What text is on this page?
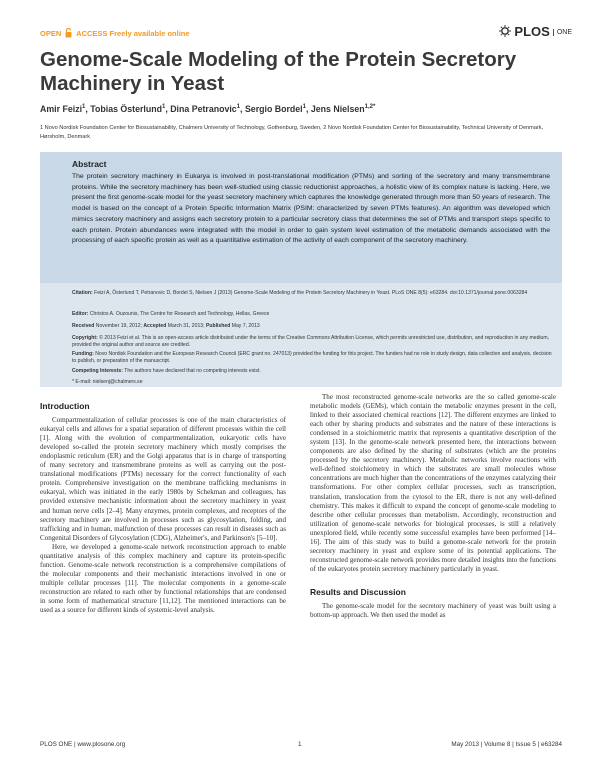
OPEN ACCESS Freely available online	PLOS ONE
Genome-Scale Modeling of the Protein Secretory Machinery in Yeast
Amir Feizi$^1$, Tobias Österlund$^1$, Dina Petranovic$^1$, Sergio Bordel$^1$, Jens Nielsen$^{1,2*}$
1 Novo Nordisk Foundation Center for Biosustainability, Chalmers University of Technology, Gothenburg, Sweden, 2 Novo Nordisk Foundation Center for Biosustainability, Technical University of Denmark, Hørsholm, Denmark
Abstract
The protein secretory machinery in Eukarya is involved in post-translational modification (PTMs) and sorting of the secretory and many transmembrane proteins. While the secretory machinery has been well-studied using classic reductionist approaches, a holistic view of its complex nature is lacking. Here, we present the first genome-scale model for the yeast secretory machinery which captures the knowledge generated through more than 50 years of research. The model is based on the concept of a Protein Specific Information Matrix (PSIM: characterized by seven PTMs features). An algorithm was developed which mimics secretory machinery and assigns each secretory protein to a particular secretory class that determines the set of PTMs and transport steps specific to each protein. Protein abundances were integrated with the model in order to gain system level estimation of the metabolic demands associated with the processing of each specific protein as well as a quantitative estimation of the activity of each component of the secretory machinery.
Citation: Feizi A, Österlund T, Petranovic D, Bordel S, Nielsen J (2013) Genome-Scale Modeling of the Protein Secretory Machinery in Yeast. PLoS ONE 8(5): e63284. doi:10.1371/journal.pone.0063284
Editor: Christos A. Ouzounis, The Centre for Research and Technology, Hellas, Greece
Received November 19, 2012; Accepted March 31, 2013; Published May 7, 2013
Copyright: © 2013 Feizi et al. This is an open-access article distributed under the terms of the Creative Commons Attribution License, which permits unrestricted use, distribution, and reproduction in any medium, provided the original author and source are credited.
Funding: Novo Nordisk Foundation and the European Research Council (ERC grant no. 247013) provided the funding for this project. The funders had no role in study design, data collection and analysis, decision to publish, or preparation of the manuscript.
Competing Interests: The authors have declared that no competing interests exist.
* E-mail: nielsenj@chalmers.se
Introduction

Compartmentalization of cellular processes is one of the main characteristics of eukaryal cells and allows for a spatial separation of different processes within the cell [1]. Along with the evolution of compartmentalization, eukaryotic cells have developed so-called the protein secretory machinery which mostly comprises the endoplasmic reticulum (ER) and the Golgi apparatus that is in charge of transporting of many secretory and transmembrane proteins as well as carrying out the post-translational modifications (PTMs) necessary for the correct functionality of each protein. Comprehensive investigation on the membrane trafficking mechanisms in eukaryal, which was initiated in the early 1980s by Schekman and colleagues, has provided extensive mechanistic information about the secretory machinery in yeast and human nerve cells [2–4]. Many enzymes, protein complexes, and receptors of the secretory machinery are involved in processes such as glycosylation, folding, and trafficking and in human, malfunction of these processes can result in diseases such as Congenital Disorders of Glycosylation (CDG), Alzheimer's, and Parkinson's [5–10].

Here, we developed a genome-scale network reconstruction approach to enable quantitative analysis of this complex machinery and capture its protein-specific function. Genome-scale network reconstruction is a comprehensive compilations of the molecular components and their mechanistic interactions involved in one or multiple cellular processes [11]. The molecular components in a genome-scale reconstruction are related to each other by functional relationships that are condensed in some form of mathematical structure [11,12]. The mentioned interactions can be used as a source for different kinds of systemic-level analysis.

The most reconstructed genome-scale networks are the so called genome-scale metabolic models (GEMs), which contain the metabolic enzymes present in the cell, linked to their associated chemical reactions [12]. The different enzymes are linked to each other by sharing products and substrates and the nature of these interactions is condensed in a stoichiometric matrix that represents a quantitative description of the system [13]. In the genome-scale network presented here, the interactions between components are also defined by the sharing of substrates (which are the proteins processed by the secretory machinery). Metabolic networks involve reactions with well-defined stoichiometry in which the substrates are small molecules whose concentrations are much higher than the concentrations of the enzymes catalyzing their transformations. For other complex cellular processes, such as transcription, translation, translocation from the cytosol to the ER, there is not any well-defined chemistry. This makes it difficult to expand the concept of genome-scale modeling to describe other cellular processes than metabolism. Accordingly, reconstruction and utilization of genome-scale networks for biological processes, is still a relatively unexplored field, while recently some successful examples have been performed [14–16]. The aim of this study was to build a genome-scale network for the protein secretory machinery in yeast and explore some of its potential applications. The reconstructed genome-scale network provides more detailed insights into the functions of the eukaryotes protein secretory machinery particularly in yeast.

Results and Discussion

The genome-scale model for the secretory machinery of yeast was built using a bottom-up approach. We then used the model as

PLOS ONE | www.plosone.org	1	May 2013 | Volume 8 | Issue 5 | e63284
